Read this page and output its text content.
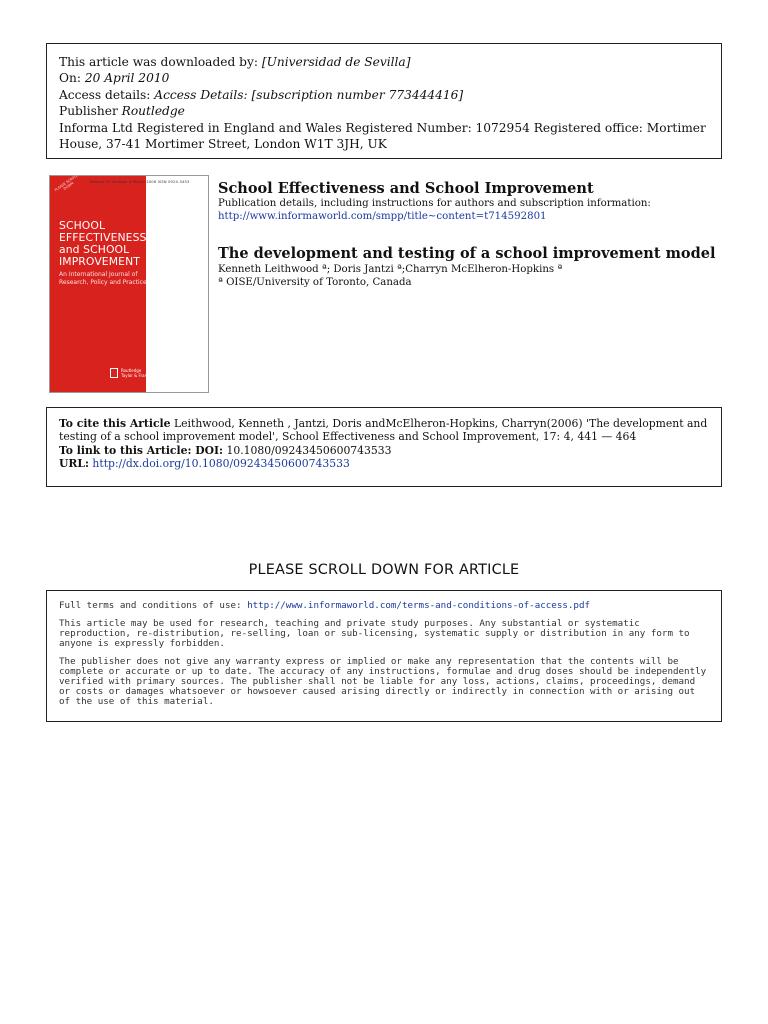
This article was downloaded by: [Universidad de Sevilla]
On: 20 April 2010
Access details: Access Details: [subscription number 773444416]
Publisher Routledge
Informa Ltd Registered in England and Wales Registered Number: 1072954 Registered office: Mortimer House, 37-41 Mortimer Street, London W1T 3JH, UK
Volume 17 Number 4 March 2006 ISSN 0924-3453
PLEASE SCROLL DOWN
SCHOOL
EFFECTIVENESS
and SCHOOL
IMPROVEMENT
An International Journal of Research, Policy and Practice
Routledge
Taylor & Francis Group
School Effectiveness and School Improvement
Publication details, including instructions for authors and subscription information:
http://www.informaworld.com/smpp/title~content=t714592801
The development and testing of a school improvement model
Kenneth Leithwood ª; Doris Jantzi ª;Charryn McElheron-Hopkins ª
ª OISE/University of Toronto, Canada
To cite this Article Leithwood, Kenneth , Jantzi, Doris andMcElheron-Hopkins, Charryn(2006) 'The development and testing of a school improvement model', School Effectiveness and School Improvement, 17: 4, 441 — 464
To link to this Article: DOI: 10.1080/09243450600743533
URL: http://dx.doi.org/10.1080/09243450600743533
PLEASE SCROLL DOWN FOR ARTICLE

Full terms and conditions of use: http://www.informaworld.com/terms-and-conditions-of-access.pdf

This article may be used for research, teaching and private study purposes. Any substantial or systematic reproduction, re-distribution, re-selling, loan or sub-licensing, systematic supply or distribution in any form to anyone is expressly forbidden.

The publisher does not give any warranty express or implied or make any representation that the contents will be complete or accurate or up to date. The accuracy of any instructions, formulae and drug doses should be independently verified with primary sources. The publisher shall not be liable for any loss, actions, claims, proceedings, demand or costs or damages whatsoever or howsoever caused arising directly or indirectly in connection with or arising out of the use of this material.
